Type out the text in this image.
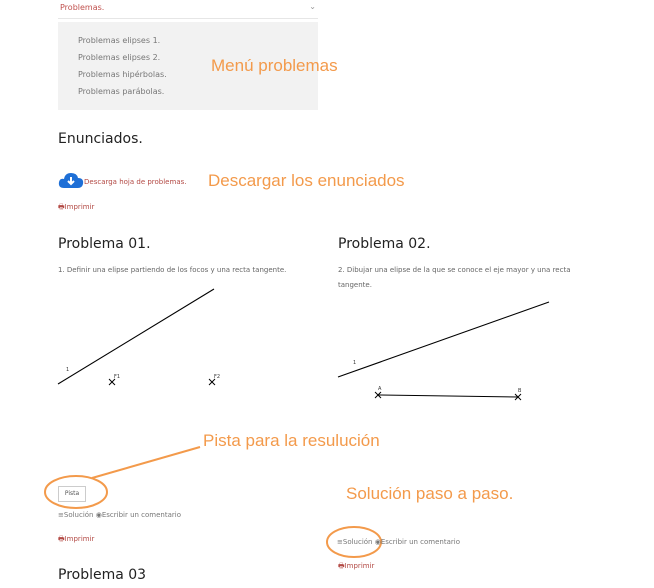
Problemas.	⌄
Problemas elipses 1.
Problemas elipses 2.
Problemas hipérbolas.
Problemas parábolas.
Menú problemas
Enunciados.
Descarga hoja de problemas. Descargar los enunciados
🖶Imprimir
Problema 01.
1. Definir una elipse partiendo de los focos y una recta tangente.
1
F1	F2
1
A	B
Pista para la resulución
Pista
≡Solución ◉Escribir un comentario
🖶Imprimir
Problema 02.
2. Dibujar una elipse de la que se conoce el eje mayor y una recta
tangente.
Solución paso a paso.
≡Solución ◉Escribir un comentario
🖶Imprimir
Problema 03
